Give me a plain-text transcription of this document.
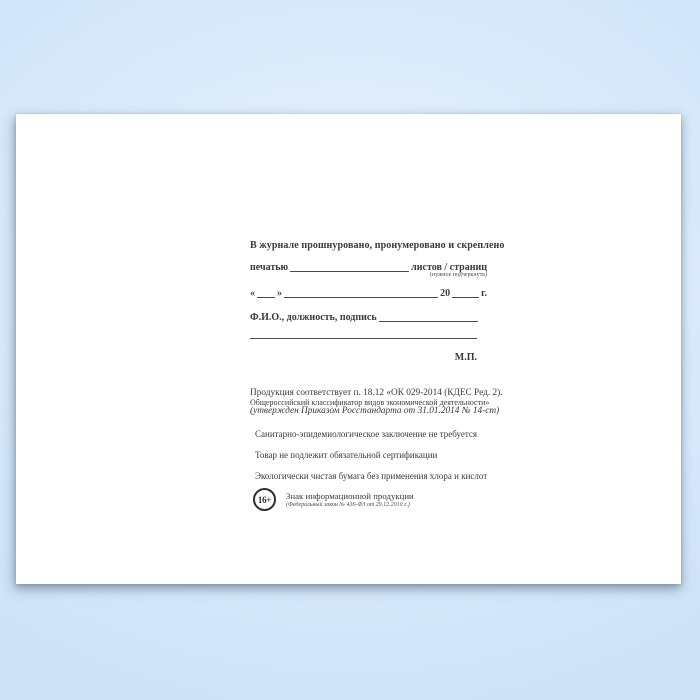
В журнале прошнуровано, пронумеровано и скреплено

печатью	листов / страниц
(нужное подчеркнуть)
« »	20	г.
Ф.И.О., должность, подпись
М.П.

Продукция соответствует п. 18.12 «ОК 029-2014 (КДЕС Ред. 2).

Общероссийский классификатор видов экономической деятельности»

(утвержден Приказом Росстандарта от 31.01.2014 № 14-ст)

Санитарно-эпидемиологическое заключение не требуется

Товар не подлежит обязательной сертификации

Экологически чистая бумага без применения хлора и кислот

16+	Знак информационной продукции
(Федеральный закон № 436-ФЗ от 29.12.2010 г.)
